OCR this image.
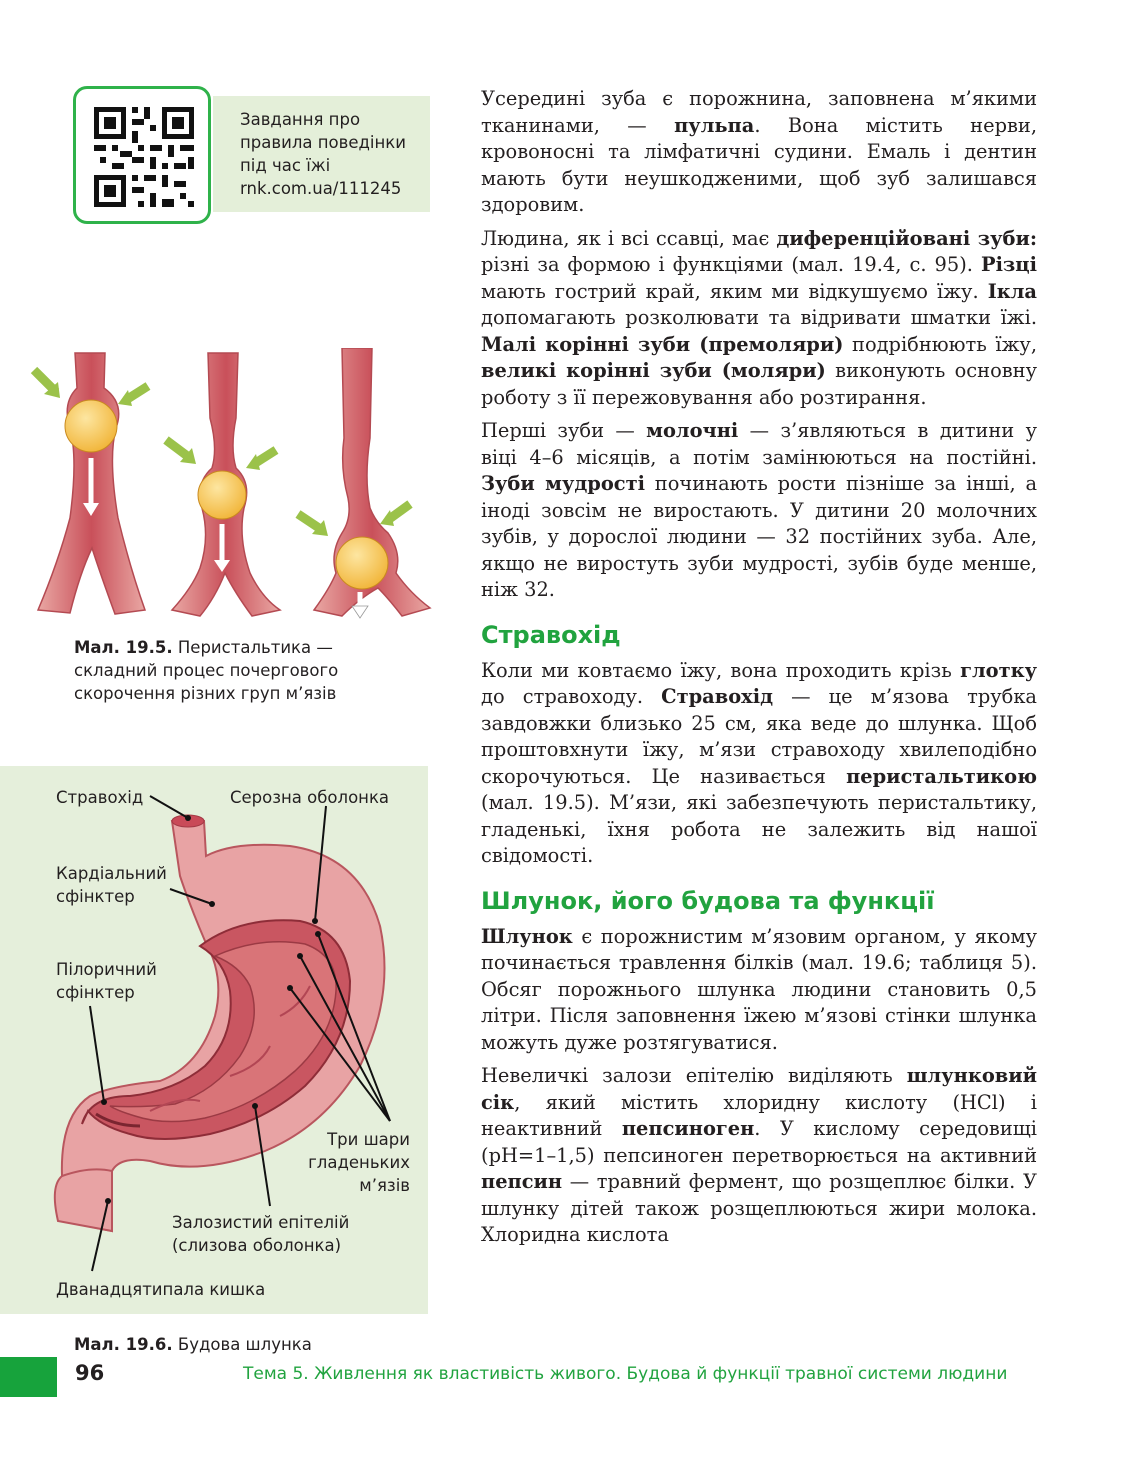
Завдання про
правила поведінки
під час їжі
rnk.com.ua/111245

Усередині зуба є порожнина, заповнена м’якими тканинами, — пульпа. Вона містить нерви, кровоносні та лімфатичні судини. Емаль і дентин мають бути неушкодженими, щоб зуб залишався здоровим.

Людина, як і всі ссавці, має диференційовані зуби: різні за формою і функціями (мал. 19.4, с. 95). Різці мають гострий край, яким ми відкушуємо їжу. Ікла допомагають розколювати та відривати шматки їжі. Малі корінні зуби (премоляри) подрібнюють їжу, великі корінні зуби (моляри) виконують основну роботу з її пережовування або розтирання.

Перші зуби — молочні — з’являються в дитини у віці 4–6 місяців, а потім замінюються на постійні. Зуби мудрості починають рости пізніше за інші, а іноді зовсім не виростають. У дитини 20 молочних зубів, у дорослої людини — 32 постійних зуба. Але, якщо не виростуть зуби мудрості, зубів буде менше, ніж 32.

Стравохід

Коли ми ковтаємо їжу, вона проходить крізь глотку до стравоходу. Стравохід — це м’язова трубка завдовжки близько 25 см, яка веде до шлунка. Щоб проштовхнути їжу, м’язи стравоходу хвилеподібно скорочуються. Це називається перистальтикою (мал. 19.5). М’язи, які забезпечують перистальтику, гладенькі, їхня робота не залежить від нашої свідомості.

Шлунок, його будова та функції

Шлунок є порожнистим м’язовим органом, у якому починається травлення білків (мал. 19.6; таблиця 5). Обсяг порожнього шлунка людини становить 0,5 літри. Після заповнення їжею м’язові стінки шлунка можуть дуже розтягуватися.

Невеличкі залози епітелію виділяють шлунковий сік, який містить хлоридну кислоту (HCl) і неактивний пепсиноген. У кислому середовищі (pH=1–1,5) пепсиноген перетворюється на активний пепсин — травний фермент, що розщеплює білки. У шлунку дітей також розщеплюються жири молока. Хлоридна кислота

Мал. 19.5. Перистальтика —
складний процес почергового
скорочення різних груп м’язів
Стравохід	Серозна оболонка
Кардіальний
сфінктер
Пілоричний
сфінктер
Три шари
гладеньких
м’язів
Залозистий епітелій
(слизова оболонка)
Дванадцятипала кишка
Мал. 19.6. Будова шлунка
96	Тема 5. Живлення як властивість живого. Будова й функції травної системи людини
